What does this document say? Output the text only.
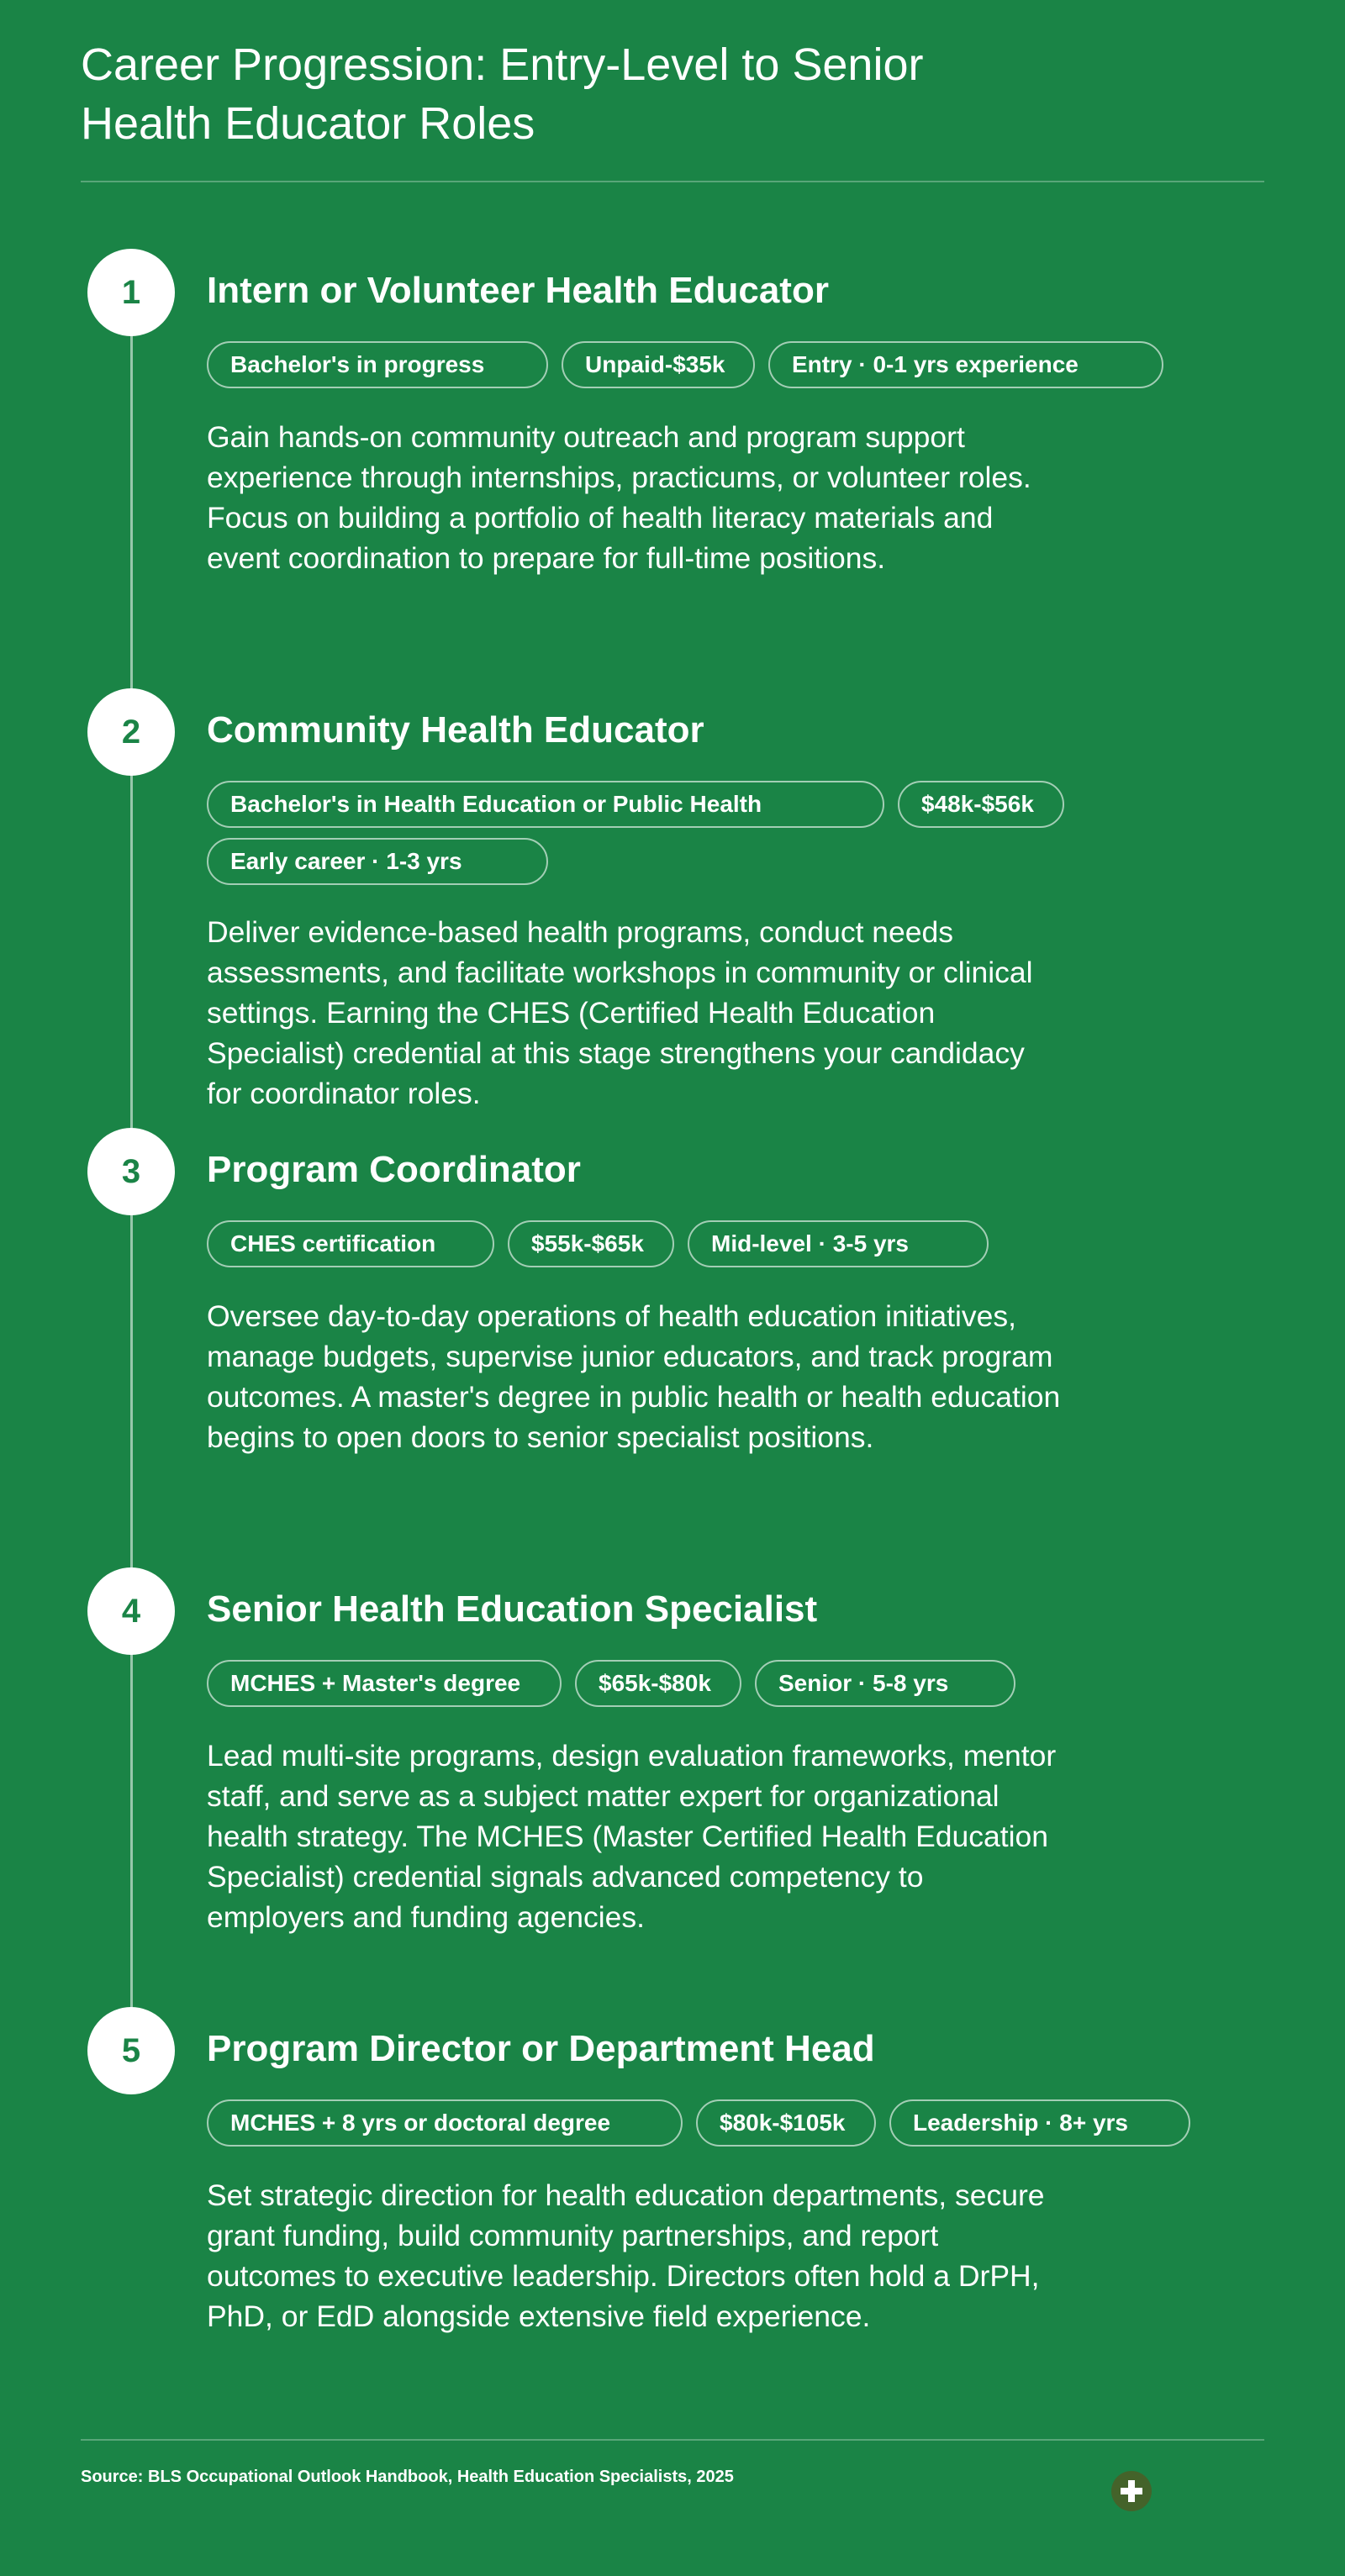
Career Progression: Entry-Level to Senior Health Educator Roles
1	Intern or Volunteer Health Educator
Bachelor's in progress	Unpaid-$35k	Entry · 0-1 yrs experience

Gain hands-on community outreach and program support experience through internships, practicums, or volunteer roles. Focus on building a portfolio of health literacy materials and event coordination to prepare for full-time positions.

2	Community Health Educator
Bachelor's in Health Education or Public Health	$48k-$56k
Early career · 1-3 yrs

Deliver evidence-based health programs, conduct needs assessments, and facilitate workshops in community or clinical settings. Earning the CHES (Certified Health Education Specialist) credential at this stage strengthens your candidacy for coordinator roles.

3	Program Coordinator
CHES certification	$55k-$65k	Mid-level · 3-5 yrs

Oversee day-to-day operations of health education initiatives, manage budgets, supervise junior educators, and track program outcomes. A master's degree in public health or health education begins to open doors to senior specialist positions.

4	Senior Health Education Specialist
MCHES + Master's degree	$65k-$80k	Senior · 5-8 yrs

Lead multi-site programs, design evaluation frameworks, mentor staff, and serve as a subject matter expert for organizational health strategy. The MCHES (Master Certified Health Education Specialist) credential signals advanced competency to employers and funding agencies.

5	Program Director or Department Head
MCHES + 8 yrs or doctoral degree	$80k-$105k	Leadership · 8+ yrs

Set strategic direction for health education departments, secure grant funding, build community partnerships, and report outcomes to executive leadership. Directors often hold a DrPH, PhD, or EdD alongside extensive field experience.

Source: BLS Occupational Outlook Handbook, Health Education Specialists, 2025
